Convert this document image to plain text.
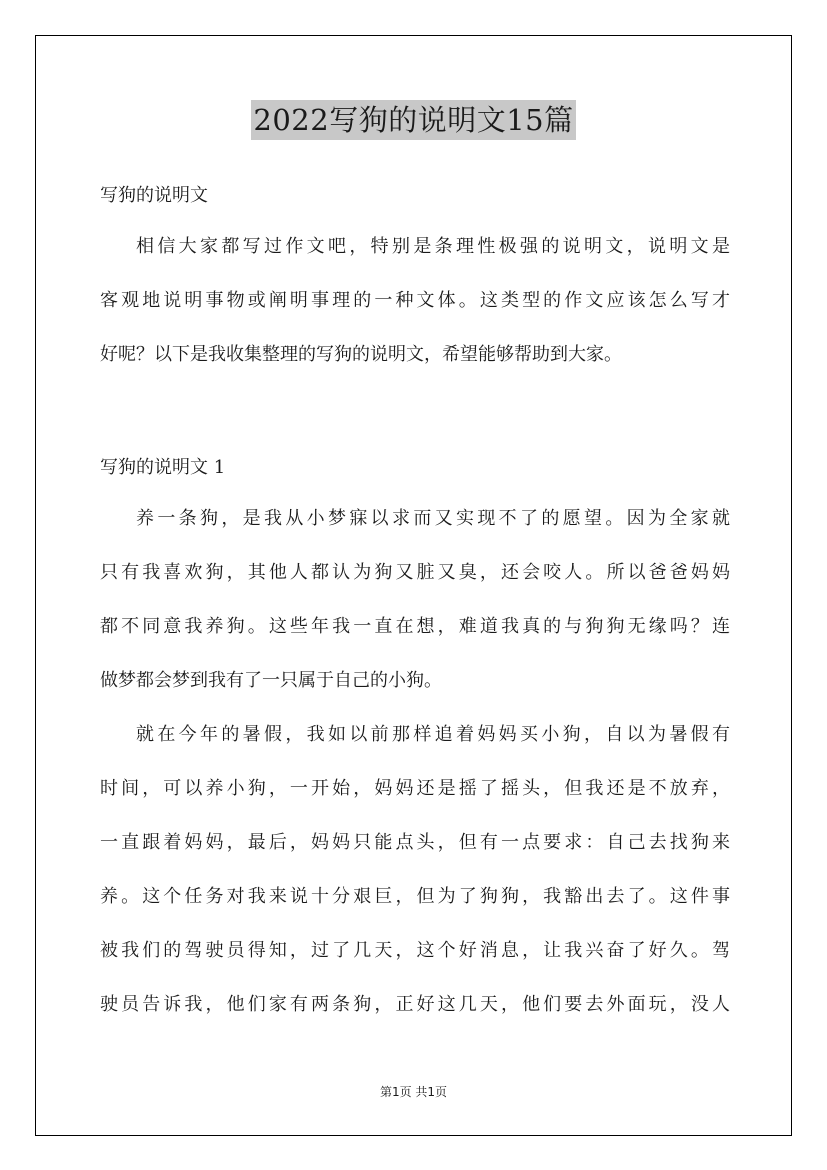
2022写狗的说明文15篇

写狗的说明文

相信大家都写过作文吧，特别是条理性极强的说明文，说明文是
客观地说明事物或阐明事理的一种文体。这类型的作文应该怎么写才
好呢？以下是我收集整理的写狗的说明文，希望能够帮助到大家。

写狗的说明文 1

养一条狗，是我从小梦寐以求而又实现不了的愿望。因为全家就
只有我喜欢狗，其他人都认为狗又脏又臭，还会咬人。所以爸爸妈妈
都不同意我养狗。这些年我一直在想，难道我真的与狗狗无缘吗？连
做梦都会梦到我有了一只属于自己的小狗。
就在今年的暑假，我如以前那样追着妈妈买小狗，自以为暑假有
时间，可以养小狗，一开始，妈妈还是摇了摇头，但我还是不放弃，
一直跟着妈妈，最后，妈妈只能点头，但有一点要求：自己去找狗来
养。这个任务对我来说十分艰巨，但为了狗狗，我豁出去了。这件事
被我们的驾驶员得知，过了几天，这个好消息，让我兴奋了好久。驾
驶员告诉我，他们家有两条狗，正好这几天，他们要去外面玩，没人
第1页 共1页
